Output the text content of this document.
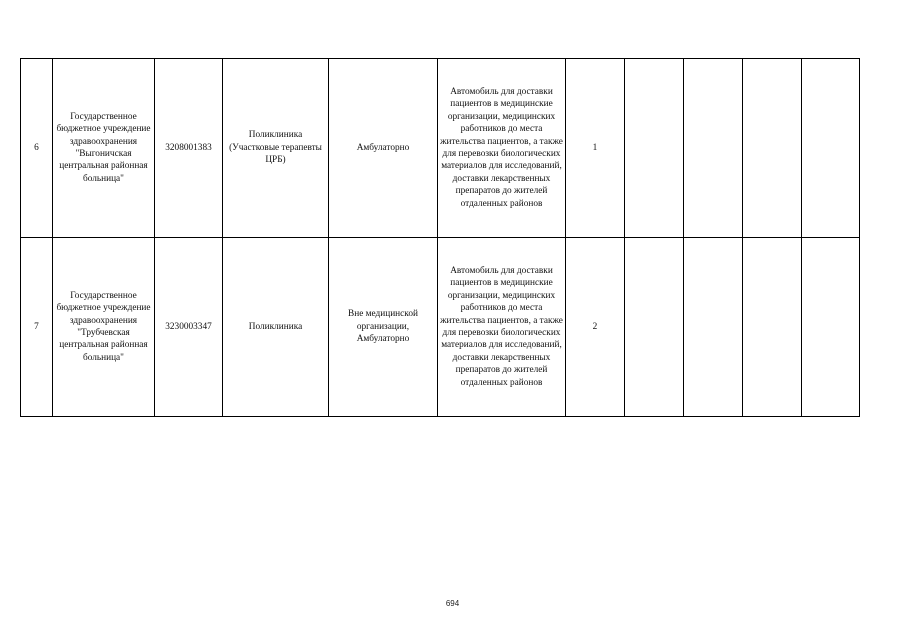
6	Государственное бюджетное учреждение здравоохранения "Выгоничская центральная районная больница"	3208001383	Поликлиника (Участковые терапевты ЦРБ)	Амбулаторно	Автомобиль для доставки пациентов в медицинские организации, медицинских работников до места жительства пациентов, а также для перевозки биологических материалов для исследований, доставки лекарственных препаратов до жителей отдаленных районов	1				
7	Государственное бюджетное учреждение здравоохранения "Трубчевская центральная районная больница"	3230003347	Поликлиника	Вне медицинской организации, Амбулаторно	Автомобиль для доставки пациентов в медицинские организации, медицинских работников до места жительства пациентов, а также для перевозки биологических материалов для исследований, доставки лекарственных препаратов до жителей отдаленных районов	2				
694
